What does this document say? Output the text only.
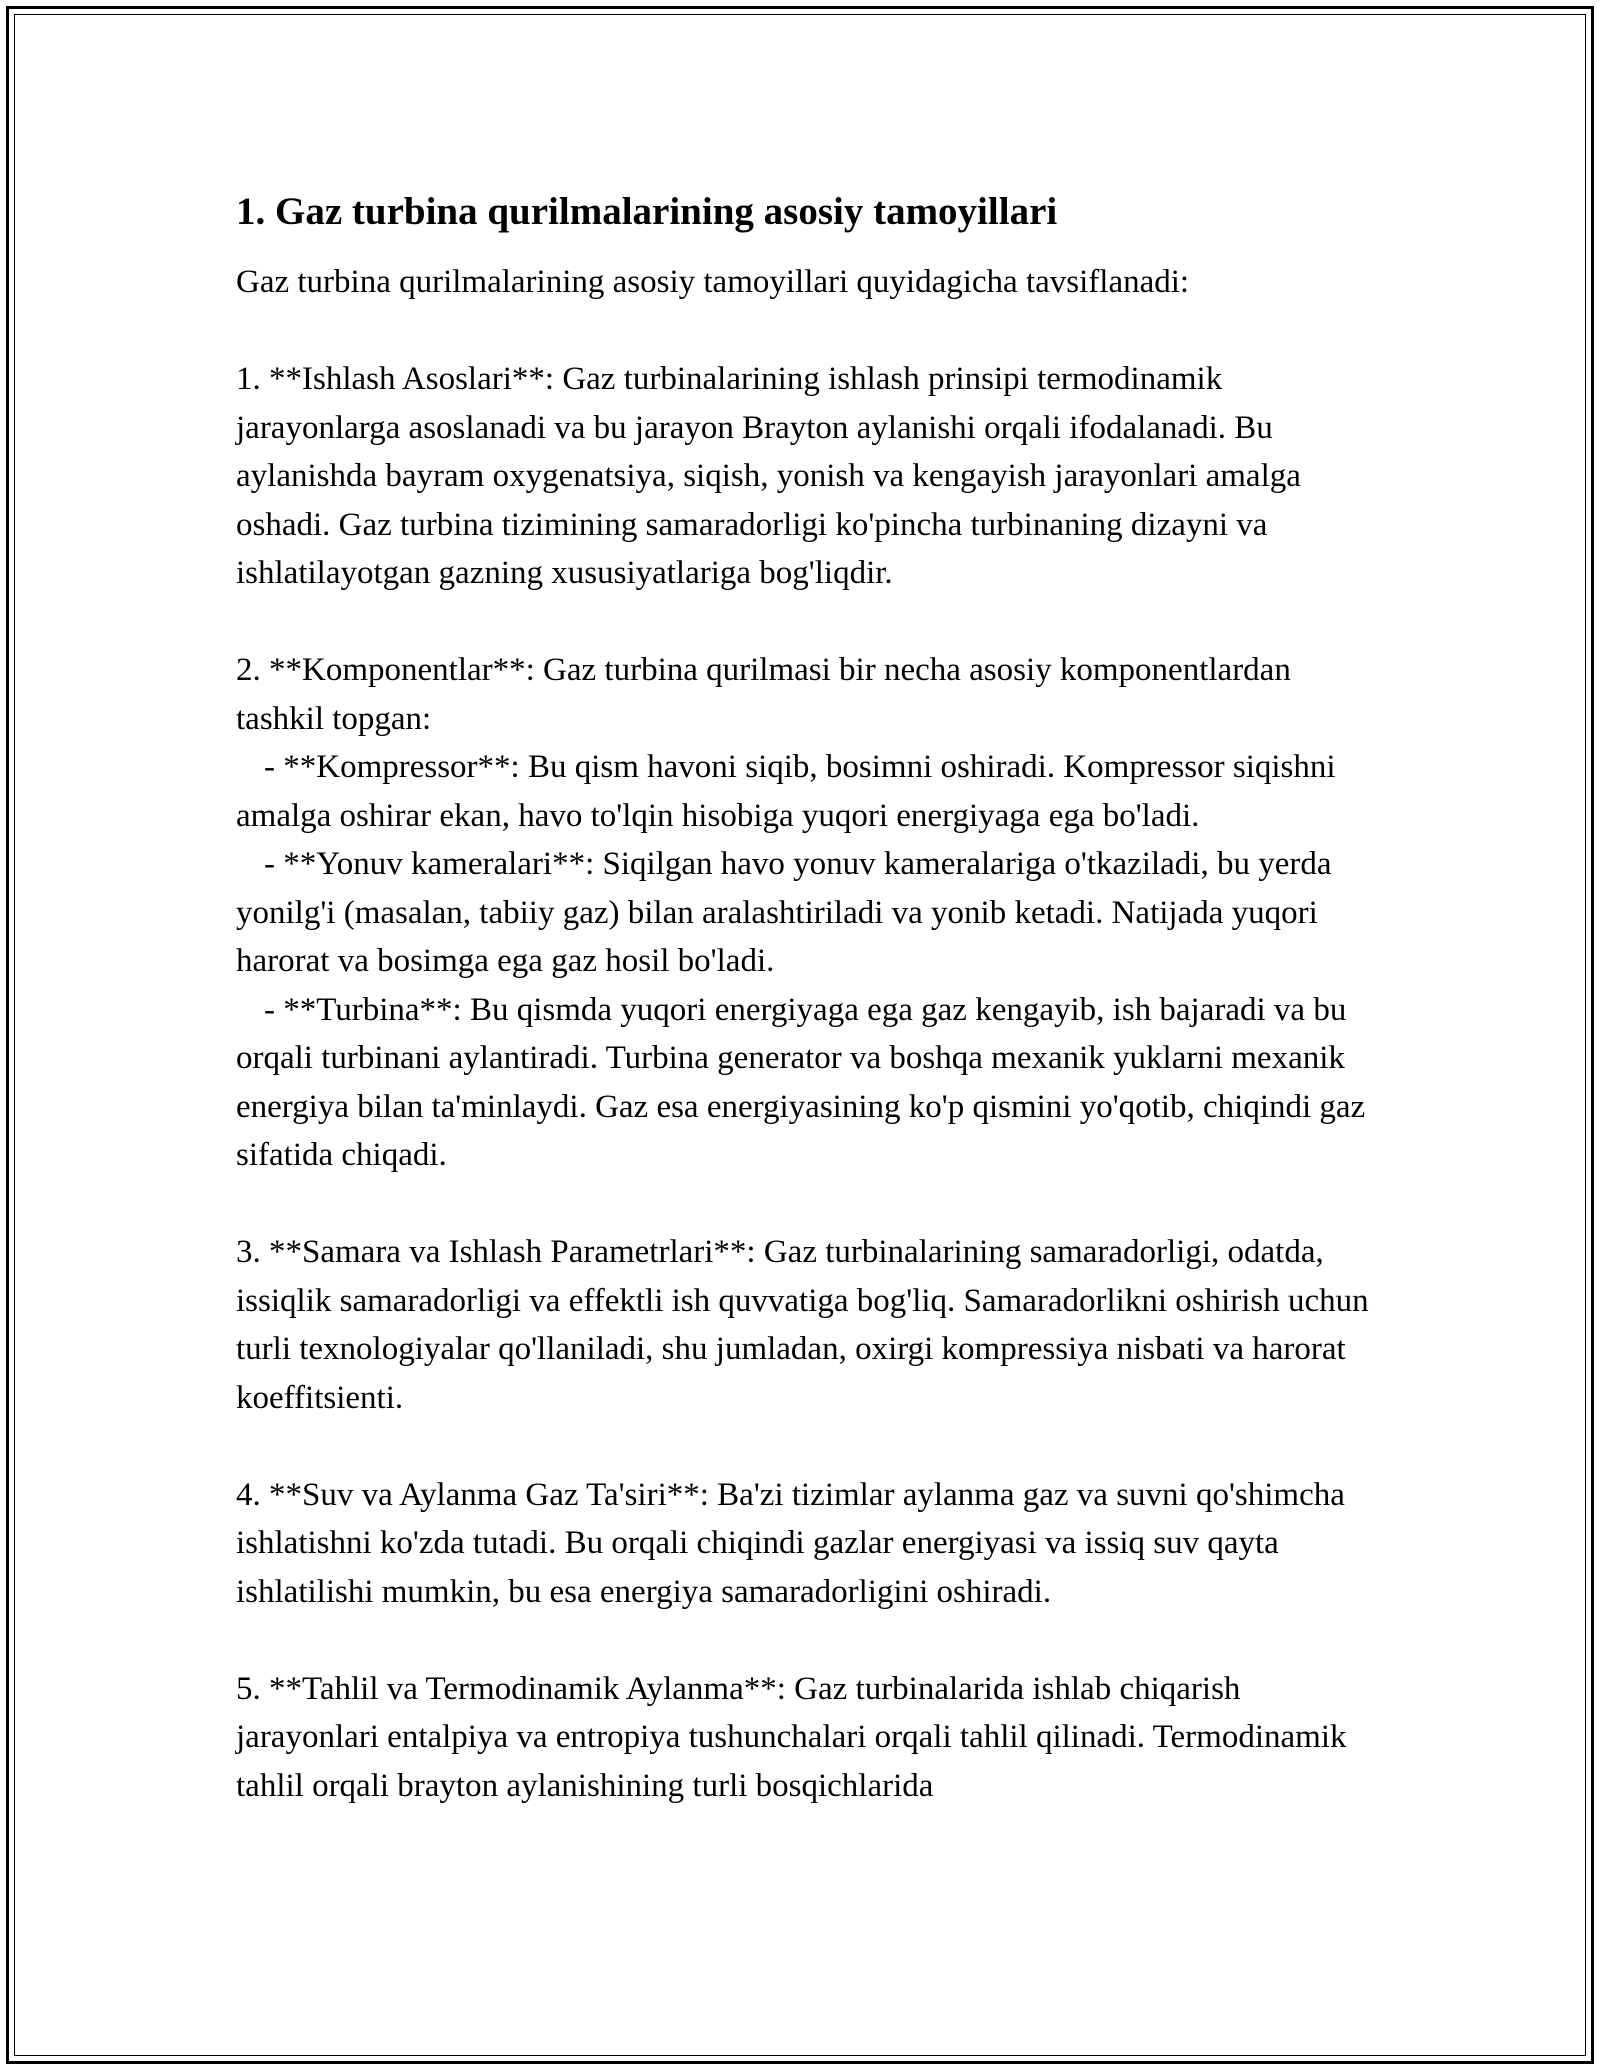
1. Gaz turbina qurilmalarining asosiy tamoyillari

Gaz turbina qurilmalarining asosiy tamoyillari quyidagicha tavsiflanadi:

1. **Ishlash Asoslari**: Gaz turbinalarining ishlash prinsipi termodinamik jarayonlarga asoslanadi va bu jarayon Brayton aylanishi orqali ifodalanadi. Bu aylanishda bayram oxygenatsiya, siqish, yonish va kengayish jarayonlari amalga oshadi. Gaz turbina tizimining samaradorligi ko'pincha turbinaning dizayni va ishlatilayotgan gazning xususiyatlariga bog'liqdir.

2. **Komponentlar**: Gaz turbina qurilmasi bir necha asosiy komponentlardan tashkil topgan:

- **Kompressor**: Bu qism havoni siqib, bosimni oshiradi. Kompressor siqishni amalga oshirar ekan, havo to'lqin hisobiga yuqori energiyaga ega bo'ladi.

- **Yonuv kameralari**: Siqilgan havo yonuv kameralariga o'tkaziladi, bu yerda yonilg'i (masalan, tabiiy gaz) bilan aralashtiriladi va yonib ketadi. Natijada yuqori harorat va bosimga ega gaz hosil bo'ladi.

- **Turbina**: Bu qismda yuqori energiyaga ega gaz kengayib, ish bajaradi va bu orqali turbinani aylantiradi. Turbina generator va boshqa mexanik yuklarni mexanik energiya bilan ta'minlaydi. Gaz esa energiyasining ko'p qismini yo'qotib, chiqindi gaz sifatida chiqadi.

3. **Samara va Ishlash Parametrlari**: Gaz turbinalarining samaradorligi, odatda, issiqlik samaradorligi va effektli ish quvvatiga bog'liq. Samaradorlikni oshirish uchun turli texnologiyalar qo'llaniladi, shu jumladan, oxirgi kompressiya nisbati va harorat koeffitsienti.

4. **Suv va Aylanma Gaz Ta'siri**: Ba'zi tizimlar aylanma gaz va suvni qo'shimcha ishlatishni ko'zda tutadi. Bu orqali chiqindi gazlar energiyasi va issiq suv qayta ishlatilishi mumkin, bu esa energiya samaradorligini oshiradi.

5. **Tahlil va Termodinamik Aylanma**: Gaz turbinalarida ishlab chiqarish jarayonlari entalpiya va entropiya tushunchalari orqali tahlil qilinadi. Termodinamik tahlil orqali brayton aylanishining turli bosqichlarida
